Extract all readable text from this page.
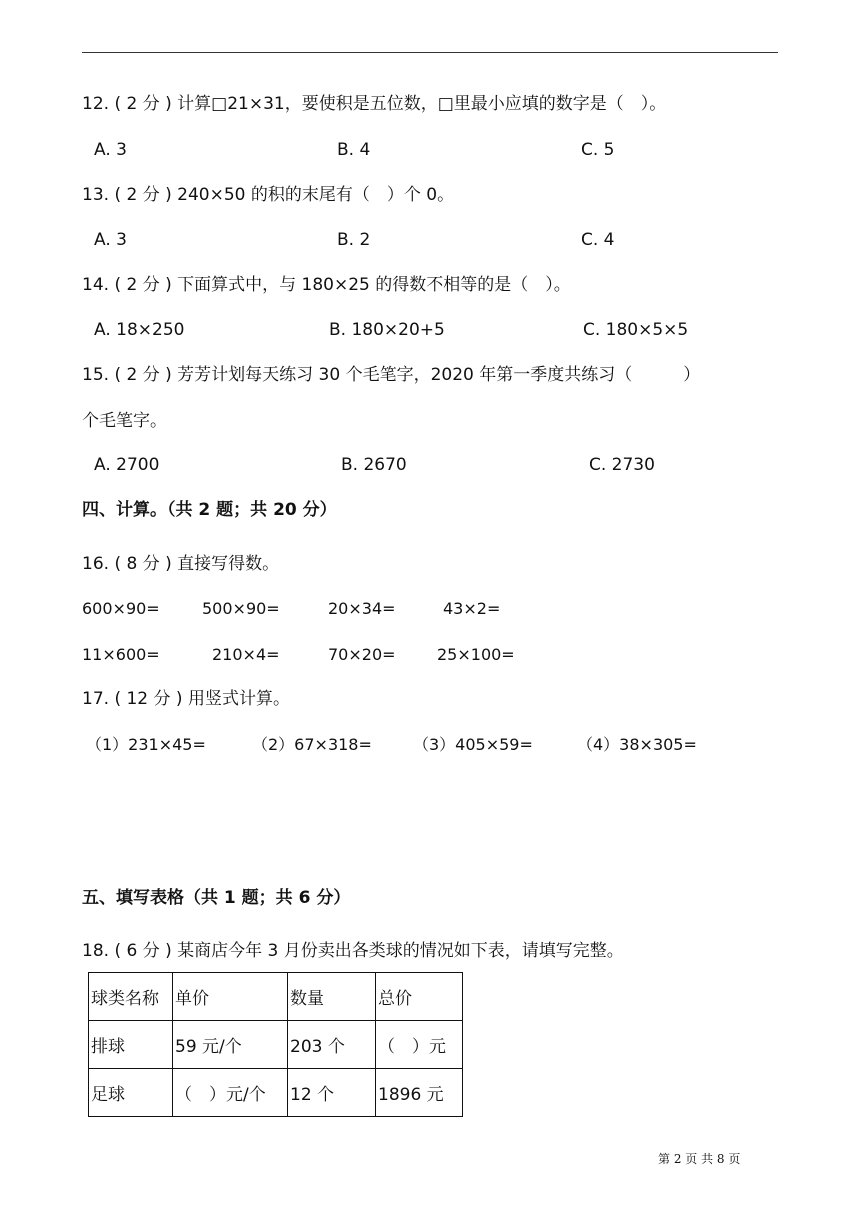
12. ( 2 分 ) 计算□21×31，要使积是五位数，□里最小应填的数字是（　）。
A. 3	B. 4	C. 5
13. ( 2 分 ) 240×50 的积的末尾有（　）个 0。
A. 3	B. 2	C. 4
14. ( 2 分 ) 下面算式中，与 180×25 的得数不相等的是（　）。
A. 18×250	B. 180×20+5	C. 180×5×5
15. ( 2 分 ) 芳芳计划每天练习 30 个毛笔字，2020 年第一季度共练习（　　　）
个毛笔字。
A. 2700	B. 2670	C. 2730
四、计算。（共 2 题；共 20 分）
16. ( 8 分 ) 直接写得数。
600×90=	500×90=	20×34=	43×2=
11×600=	210×4=	70×20=	25×100=
17. ( 12 分 ) 用竖式计算。
（1）231×45=	（2）67×318=	（3）405×59=	（4）38×305=
五、填写表格（共 1 题；共 6 分）
18. ( 6 分 ) 某商店今年 3 月份卖出各类球的情况如下表，请填写完整。
球类名称	单价	数量	总价
排球	59 元/个	203 个	（　）元
足球	（　）元/个	12 个	1896 元
第 2 页 共 8 页
